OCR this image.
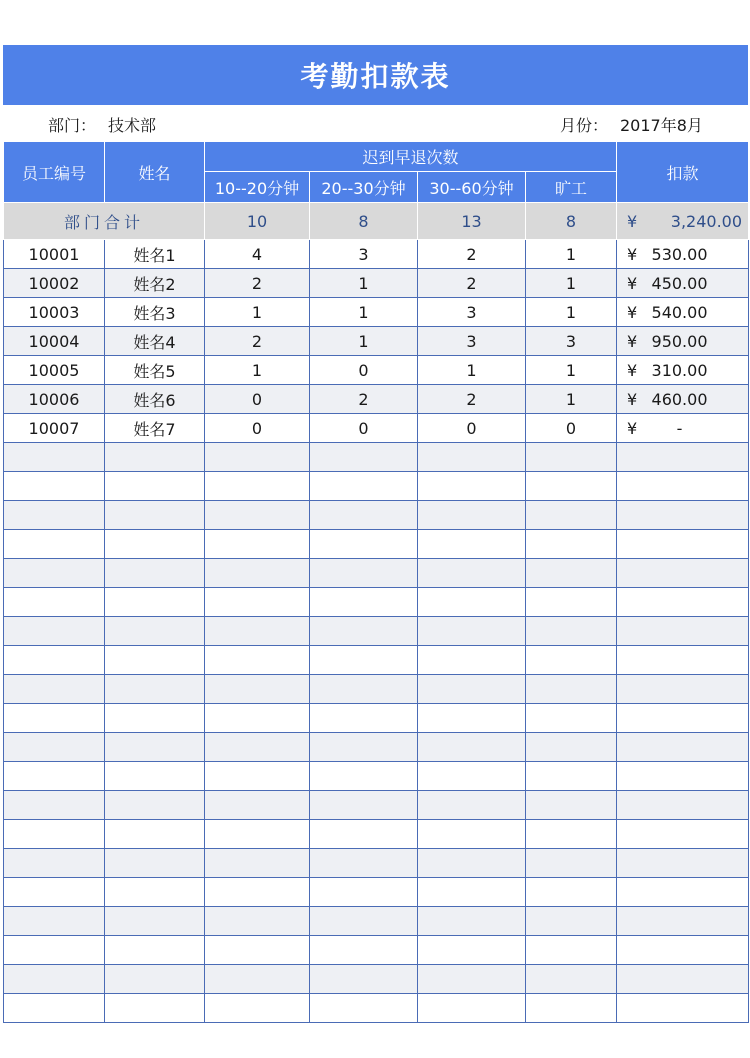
考勤扣款表
部门： 技术部	月份： 2017年8月
员工编号	姓名	迟到早退次数				扣款
		10--20分钟	20--30分钟	30--60分钟	旷工	
部门合计		10	8	13	8	¥ 3,240.00
10001	姓名1	4	3	2	1	¥ 530.00
10002	姓名2	2	1	2	1	¥ 450.00
10003	姓名3	1	1	3	1	¥ 540.00
10004	姓名4	2	1	3	3	¥ 950.00
10005	姓名5	1	0	1	1	¥ 310.00
10006	姓名6	0	2	2	1	¥ 460.00
10007	姓名7	0	0	0	0	¥ -
